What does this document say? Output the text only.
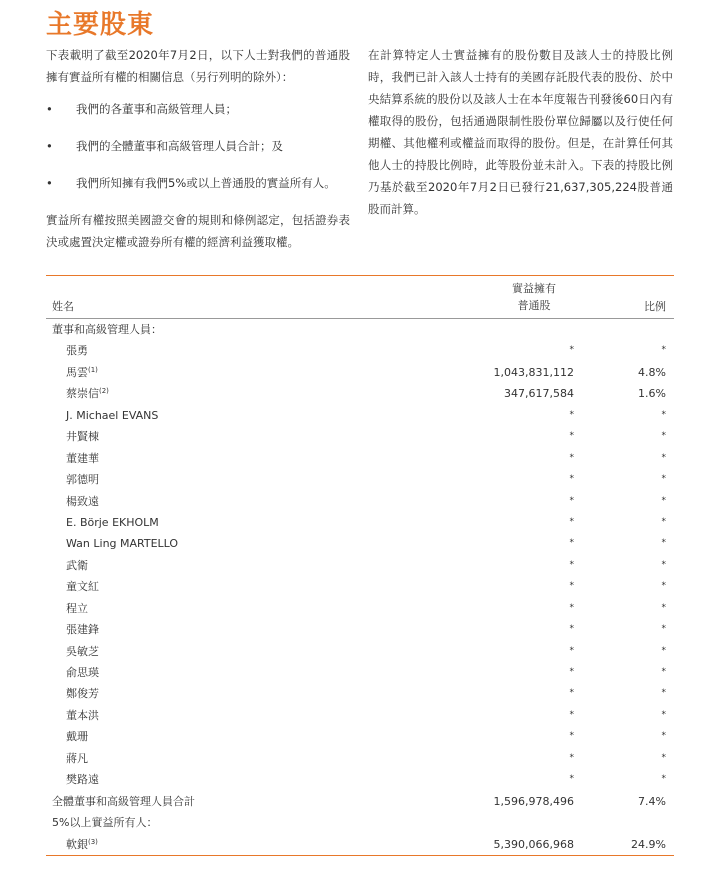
主要股東

下表載明了截至2020年7月2日，以下人士對我們的普通股擁有實益所有權的相關信息（另行列明的除外）：

• 我們的各董事和高級管理人員；
• 我們的全體董事和高級管理人員合計；及
• 我們所知擁有我們5%或以上普通股的實益所有人。

實益所有權按照美國證交會的規則和條例認定，包括證券表決或處置決定權或證券所有權的經濟利益獲取權。

在計算特定人士實益擁有的股份數目及該人士的持股比例時，我們已計入該人士持有的美國存託股代表的股份、於中央結算系統的股份以及該人士在本年度報告刊發後60日內有權取得的股份，包括通過限制性股份單位歸屬以及行使任何期權、其他權利或權益而取得的股份。但是，在計算任何其他人士的持股比例時，此等股份並未計入。下表的持股比例乃基於截至2020年7月2日已發行21,637,305,224股普通股而計算。

姓名
實益擁有
普通股	比例
董事和高級管理人員：
張勇	*	*
馬雲$^{(1)}$	1,043,831,112	4.8%
蔡崇信$^{(2)}$	347,617,584	1.6%
J. Michael EVANS	*	*
井賢棟	*	*
董建華	*	*
郭德明	*	*
楊致遠	*	*
E. Börje EKHOLM	*	*
Wan Ling MARTELLO	*	*
武衛	*	*
童文紅	*	*
程立	*	*
張建鋒	*	*
吳敏芝	*	*
俞思瑛	*	*
鄭俊芳	*	*
董本洪	*	*
戴珊	*	*
蔣凡	*	*
樊路遠	*	*
全體董事和高級管理人員合計	1,596,978,496	7.4%
5%以上實益所有人：
軟銀$^{(3)}$	5,390,066,968	24.9%
